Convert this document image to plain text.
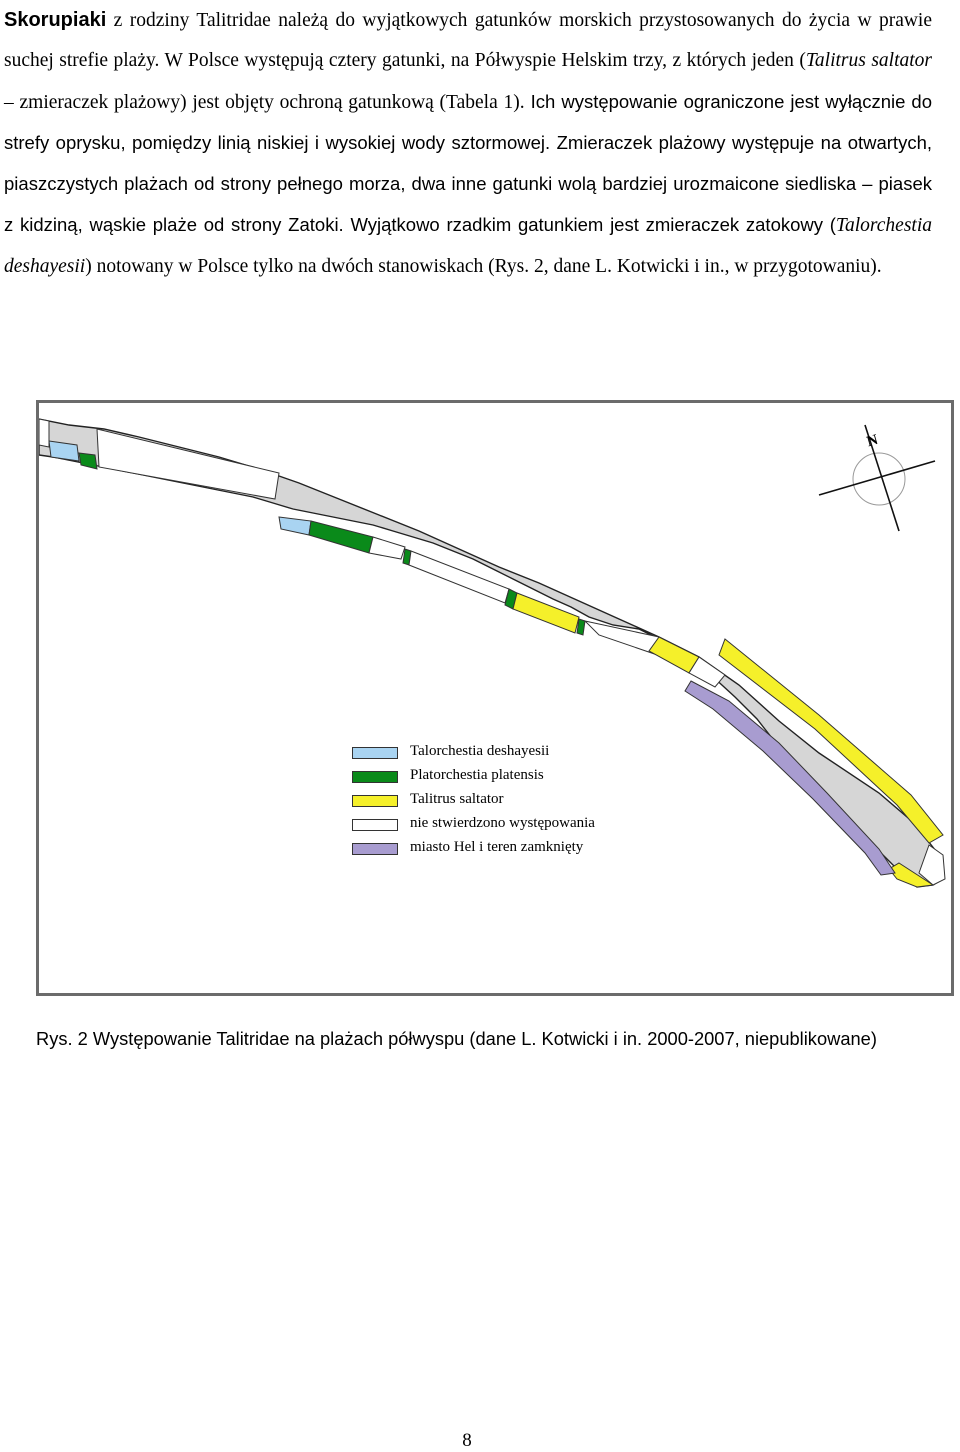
Skorupiaki z rodziny Talitridae należą do wyjątkowych gatunków morskich przystosowanych do życia w prawie suchej strefie plaży. W Polsce występują cztery gatunki, na Półwyspie Helskim trzy, z których jeden (Talitrus saltator – zmieraczek plażowy) jest objęty ochroną gatunkową (Tabela 1). Ich występowanie ograniczone jest wyłącznie do strefy oprysku, pomiędzy linią niskiej i wysokiej wody sztormowej. Zmieraczek plażowy występuje na otwartych, piaszczystych plażach od strony pełnego morza, dwa inne gatunki wolą bardziej urozmaicone siedliska – piasek z kidziną, wąskie plaże od strony Zatoki. Wyjątkowo rzadkim gatunkiem jest zmieraczek zatokowy (Talorchestia deshayesii) notowany w Polsce tylko na dwóch stanowiskach (Rys. 2, dane L. Kotwicki i in., w przygotowaniu).
N
Talorchestia deshayesii
Platorchestia platensis
Talitrus saltator
nie stwierdzono występowania
miasto Hel i teren zamknięty
Rys. 2 Występowanie Talitridae na plażach półwyspu (dane L. Kotwicki i in. 2000-2007, niepublikowane)
8
